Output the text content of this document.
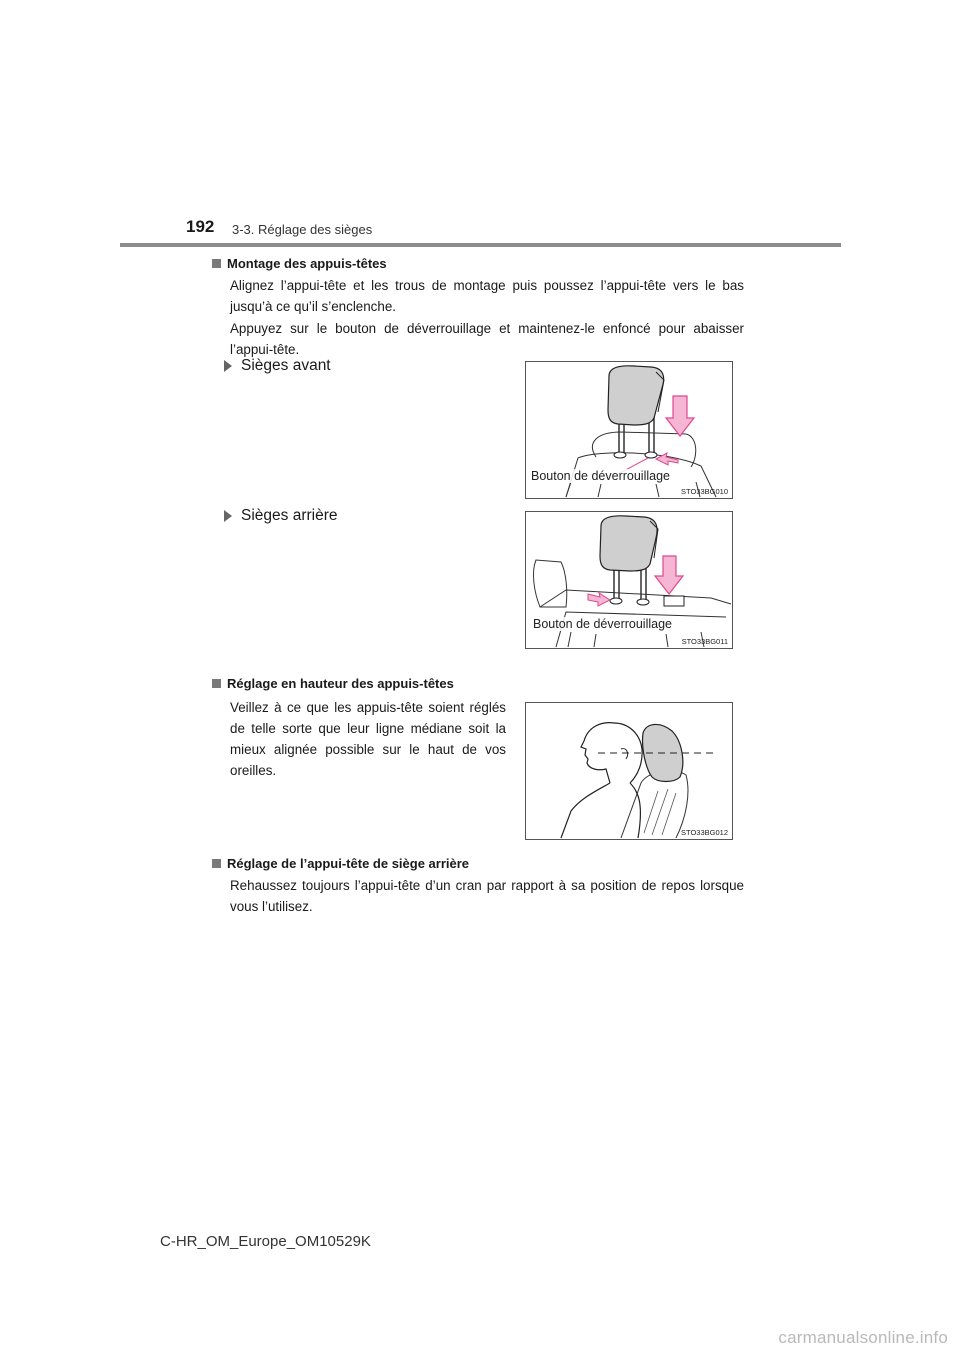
192 3-3. Réglage des sièges
Montage des appuis-têtes
Alignez l’appui-tête et les trous de montage puis poussez l’appui-tête vers le bas jusqu’à ce qu’il s’enclenche.
Appuyez sur le bouton de déverrouillage et maintenez-le enfoncé pour abaisser l’appui-tête.
Sièges avant
Bouton de déverrouillage
STO33BG010
Sièges arrière
Bouton de déverrouillage
STO33BG011
Réglage en hauteur des appuis-têtes
Veillez à ce que les appuis-tête soient réglés de telle sorte que leur ligne médiane soit la mieux alignée possible sur le haut de vos oreilles.
STO33BG012
Réglage de l’appui-tête de siège arrière
Rehaussez toujours l’appui-tête d’un cran par rapport à sa position de repos lorsque vous l’utilisez.
C-HR_OM_Europe_OM10529K
carmanualsonline.info
